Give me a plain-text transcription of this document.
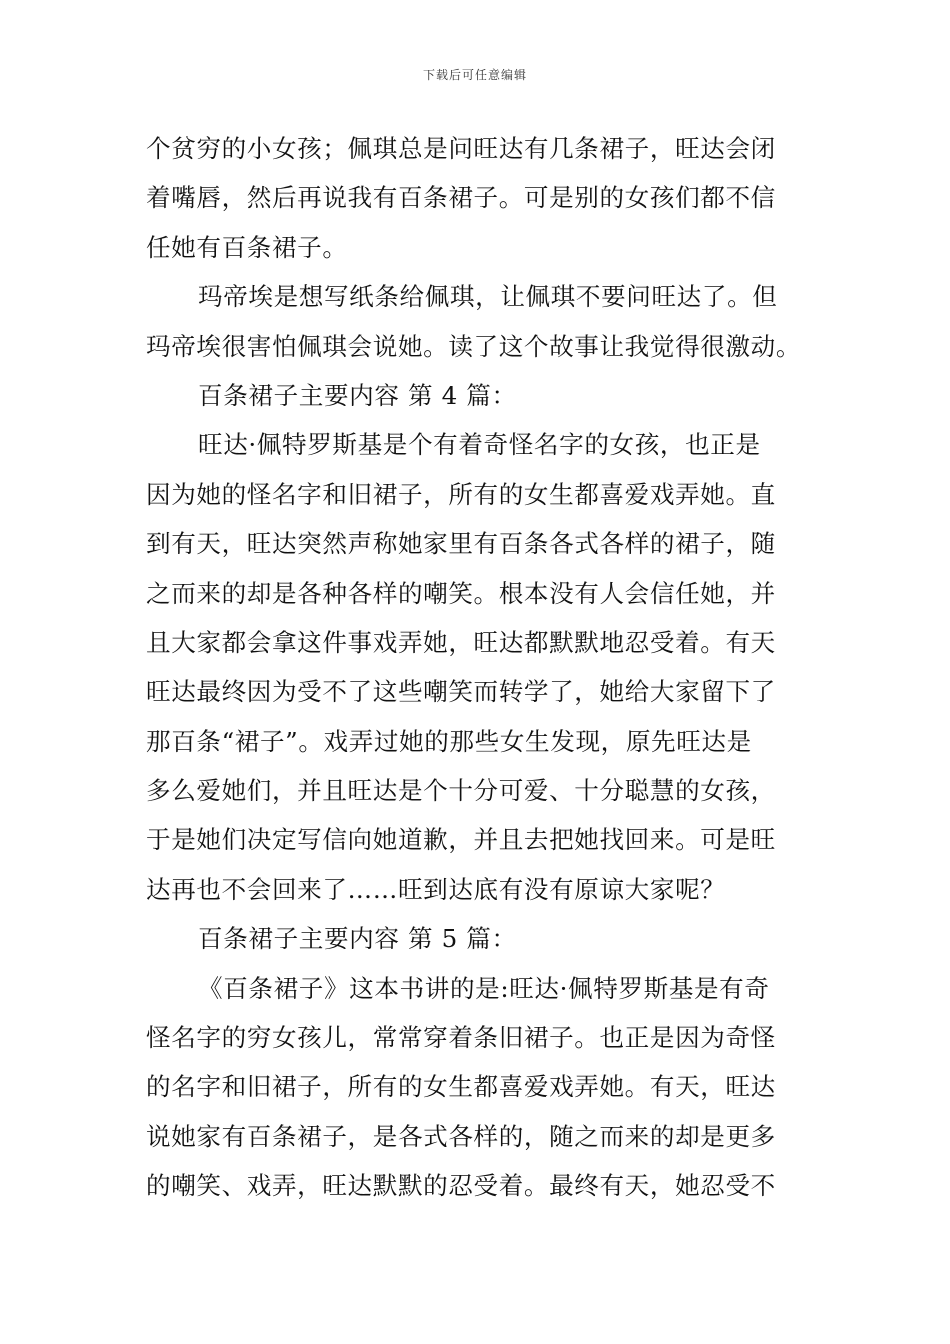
下载后可任意编辑
个贫穷的小女孩；佩琪总是问旺达有几条裙子，旺达会闭
着嘴唇，然后再说我有百条裙子。可是别的女孩们都不信
任她有百条裙子。
玛帝埃是想写纸条给佩琪，让佩琪不要问旺达了。但
玛帝埃很害怕佩琪会说她。读了这个故事让我觉得很激动。
百条裙子主要内容 第 4 篇：
旺达·佩特罗斯基是个有着奇怪名字的女孩，也正是
因为她的怪名字和旧裙子，所有的女生都喜爱戏弄她。直
到有天，旺达突然声称她家里有百条各式各样的裙子，随
之而来的却是各种各样的嘲笑。根本没有人会信任她，并
且大家都会拿这件事戏弄她，旺达都默默地忍受着。有天
旺达最终因为受不了这些嘲笑而转学了，她给大家留下了
那百条“裙子”。戏弄过她的那些女生发现，原先旺达是
多么爱她们，并且旺达是个十分可爱、十分聪慧的女孩，
于是她们决定写信向她道歉，并且去把她找回来。可是旺
达再也不会回来了……旺到达底有没有原谅大家呢？
百条裙子主要内容 第 5 篇：
《百条裙子》这本书讲的是:旺达·佩特罗斯基是有奇
怪名字的穷女孩儿，常常穿着条旧裙子。也正是因为奇怪
的名字和旧裙子，所有的女生都喜爱戏弄她。有天，旺达
说她家有百条裙子，是各式各样的，随之而来的却是更多
的嘲笑、戏弄，旺达默默的忍受着。最终有天，她忍受不
